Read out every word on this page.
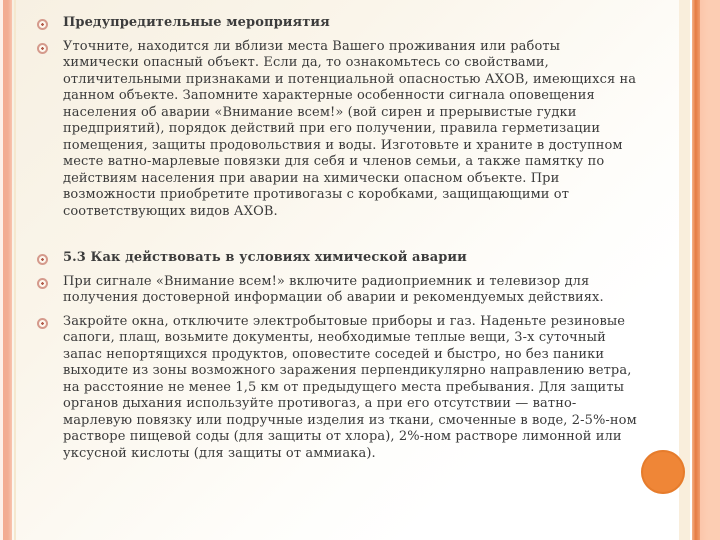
Предупредительные мероприятия
Уточните, находится ли вблизи места Вашего проживания или работы химически опасный объект. Если да, то ознакомьтесь со свойствами, отличительными признаками и потенциальной опасностью АХОВ, имеющихся на данном объекте. Запомните характерные особенности сигнала оповещения населения об аварии «Внимание всем!» (вой сирен и прерывистые гудки предприятий), порядок действий при его получении, правила герметизации помещения, защиты продовольствия и воды. Изготовьте и храните в доступном месте ватно-марлевые повязки для себя и членов семьи, а также памятку по действиям населения при аварии на химически опасном объекте. При возможности приобретите противогазы с коробками, защищающими от соответствующих видов АХОВ.
5.3 Как действовать в условиях химической аварии
При сигнале «Внимание всем!» включите радиоприемник и телевизор для получения достоверной информации об аварии и рекомендуемых действиях.
Закройте окна, отключите электробытовые приборы и газ. Наденьте резиновые сапоги, плащ, возьмите документы, необходимые теплые вещи, 3-х суточный запас непортящихся продуктов, оповестите соседей и быстро, но без паники выходите из зоны возможного заражения перпендикулярно направлению ветра, на расстояние не менее 1,5 км от предыдущего места пребывания. Для защиты органов дыхания используйте противогаз, а при его отсутствии — ватно-марлевую повязку или подручные изделия из ткани, смоченные в воде, 2-5%-ном растворе пищевой соды (для защиты от хлора), 2%-ном растворе лимонной или уксусной кислоты (для защиты от аммиака).
